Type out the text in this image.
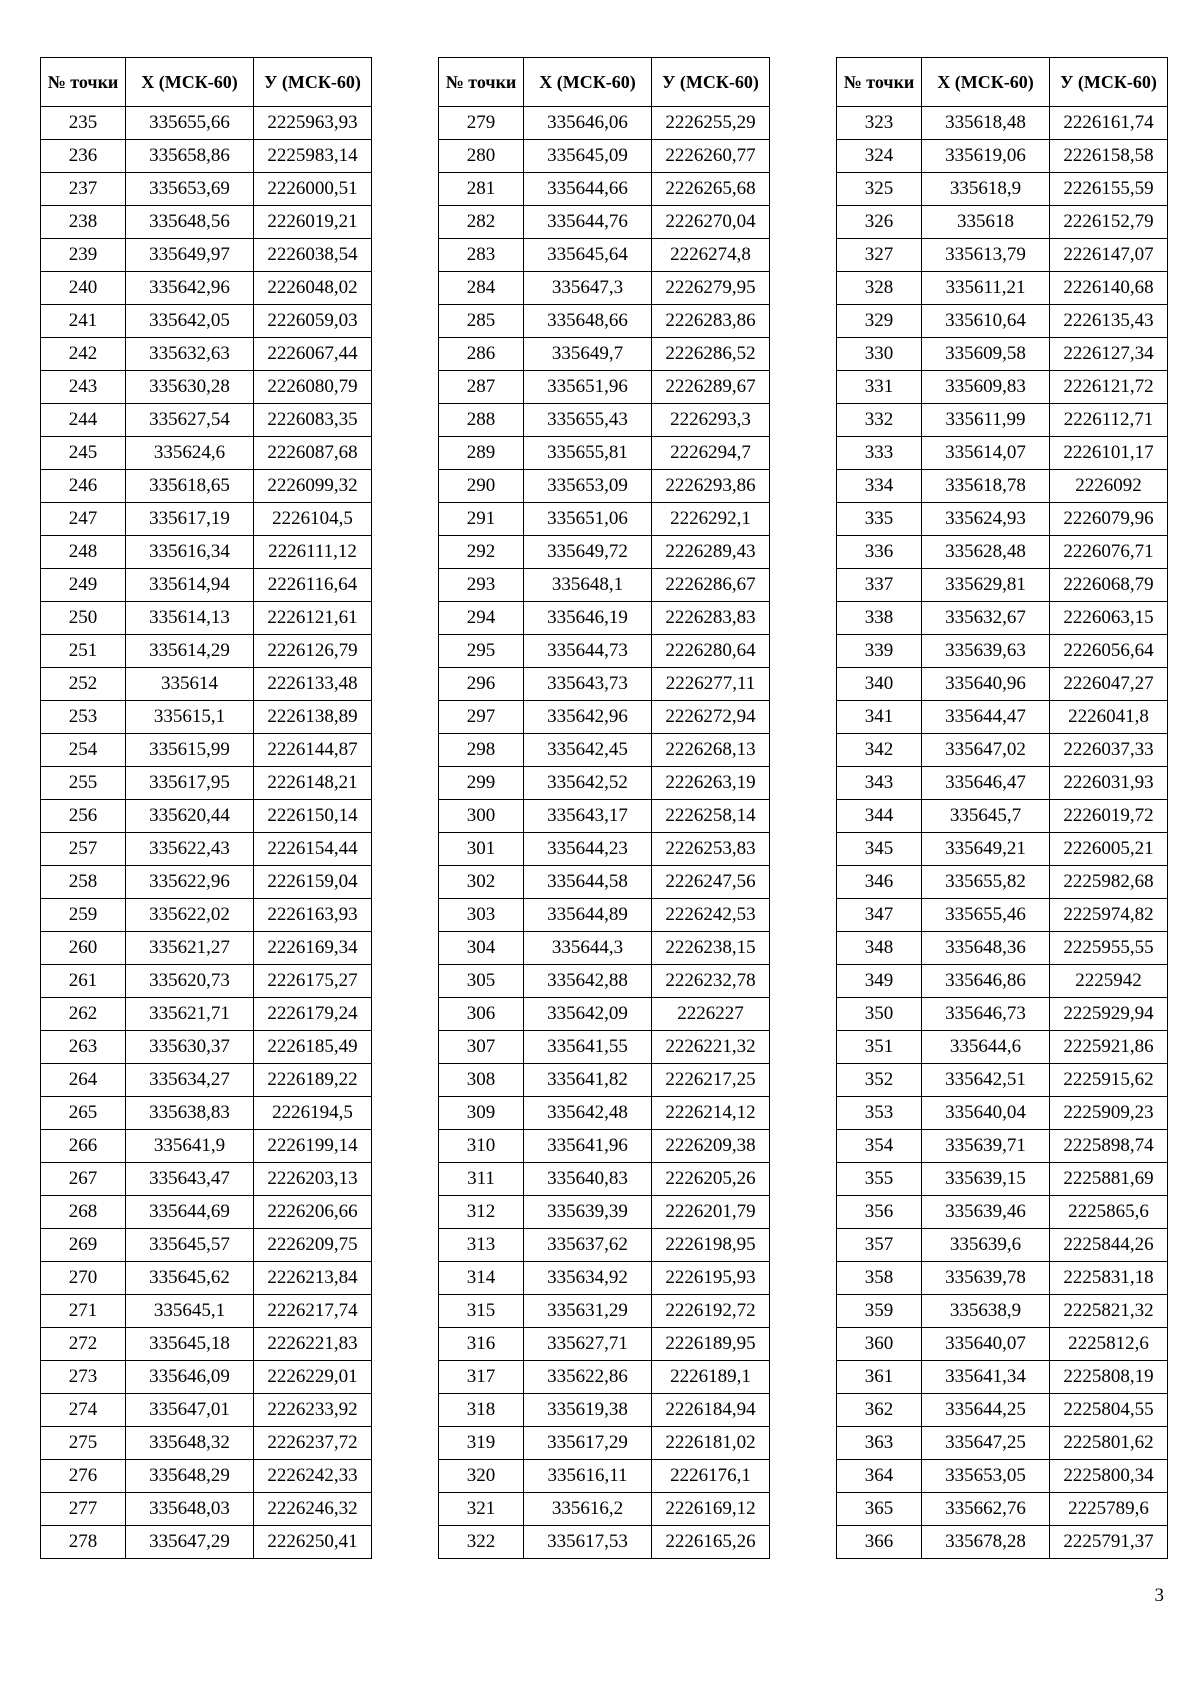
№ точки	X (МСК-60)	У (МСК-60)
235	335655,66	2225963,93
236	335658,86	2225983,14
237	335653,69	2226000,51
238	335648,56	2226019,21
239	335649,97	2226038,54
240	335642,96	2226048,02
241	335642,05	2226059,03
242	335632,63	2226067,44
243	335630,28	2226080,79
244	335627,54	2226083,35
245	335624,6	2226087,68
246	335618,65	2226099,32
247	335617,19	2226104,5
248	335616,34	2226111,12
249	335614,94	2226116,64
250	335614,13	2226121,61
251	335614,29	2226126,79
252	335614	2226133,48
253	335615,1	2226138,89
254	335615,99	2226144,87
255	335617,95	2226148,21
256	335620,44	2226150,14
257	335622,43	2226154,44
258	335622,96	2226159,04
259	335622,02	2226163,93
260	335621,27	2226169,34
261	335620,73	2226175,27
262	335621,71	2226179,24
263	335630,37	2226185,49
264	335634,27	2226189,22
265	335638,83	2226194,5
266	335641,9	2226199,14
267	335643,47	2226203,13
268	335644,69	2226206,66
269	335645,57	2226209,75
270	335645,62	2226213,84
271	335645,1	2226217,74
272	335645,18	2226221,83
273	335646,09	2226229,01
274	335647,01	2226233,92
275	335648,32	2226237,72
276	335648,29	2226242,33
277	335648,03	2226246,32
278	335647,29	2226250,41
№ точки	X (МСК-60)	У (МСК-60)
279	335646,06	2226255,29
280	335645,09	2226260,77
281	335644,66	2226265,68
282	335644,76	2226270,04
283	335645,64	2226274,8
284	335647,3	2226279,95
285	335648,66	2226283,86
286	335649,7	2226286,52
287	335651,96	2226289,67
288	335655,43	2226293,3
289	335655,81	2226294,7
290	335653,09	2226293,86
291	335651,06	2226292,1
292	335649,72	2226289,43
293	335648,1	2226286,67
294	335646,19	2226283,83
295	335644,73	2226280,64
296	335643,73	2226277,11
297	335642,96	2226272,94
298	335642,45	2226268,13
299	335642,52	2226263,19
300	335643,17	2226258,14
301	335644,23	2226253,83
302	335644,58	2226247,56
303	335644,89	2226242,53
304	335644,3	2226238,15
305	335642,88	2226232,78
306	335642,09	2226227
307	335641,55	2226221,32
308	335641,82	2226217,25
309	335642,48	2226214,12
310	335641,96	2226209,38
311	335640,83	2226205,26
312	335639,39	2226201,79
313	335637,62	2226198,95
314	335634,92	2226195,93
315	335631,29	2226192,72
316	335627,71	2226189,95
317	335622,86	2226189,1
318	335619,38	2226184,94
319	335617,29	2226181,02
320	335616,11	2226176,1
321	335616,2	2226169,12
322	335617,53	2226165,26
№ точки	X (МСК-60)	У (МСК-60)
323	335618,48	2226161,74
324	335619,06	2226158,58
325	335618,9	2226155,59
326	335618	2226152,79
327	335613,79	2226147,07
328	335611,21	2226140,68
329	335610,64	2226135,43
330	335609,58	2226127,34
331	335609,83	2226121,72
332	335611,99	2226112,71
333	335614,07	2226101,17
334	335618,78	2226092
335	335624,93	2226079,96
336	335628,48	2226076,71
337	335629,81	2226068,79
338	335632,67	2226063,15
339	335639,63	2226056,64
340	335640,96	2226047,27
341	335644,47	2226041,8
342	335647,02	2226037,33
343	335646,47	2226031,93
344	335645,7	2226019,72
345	335649,21	2226005,21
346	335655,82	2225982,68
347	335655,46	2225974,82
348	335648,36	2225955,55
349	335646,86	2225942
350	335646,73	2225929,94
351	335644,6	2225921,86
352	335642,51	2225915,62
353	335640,04	2225909,23
354	335639,71	2225898,74
355	335639,15	2225881,69
356	335639,46	2225865,6
357	335639,6	2225844,26
358	335639,78	2225831,18
359	335638,9	2225821,32
360	335640,07	2225812,6
361	335641,34	2225808,19
362	335644,25	2225804,55
363	335647,25	2225801,62
364	335653,05	2225800,34
365	335662,76	2225789,6
366	335678,28	2225791,37
3
